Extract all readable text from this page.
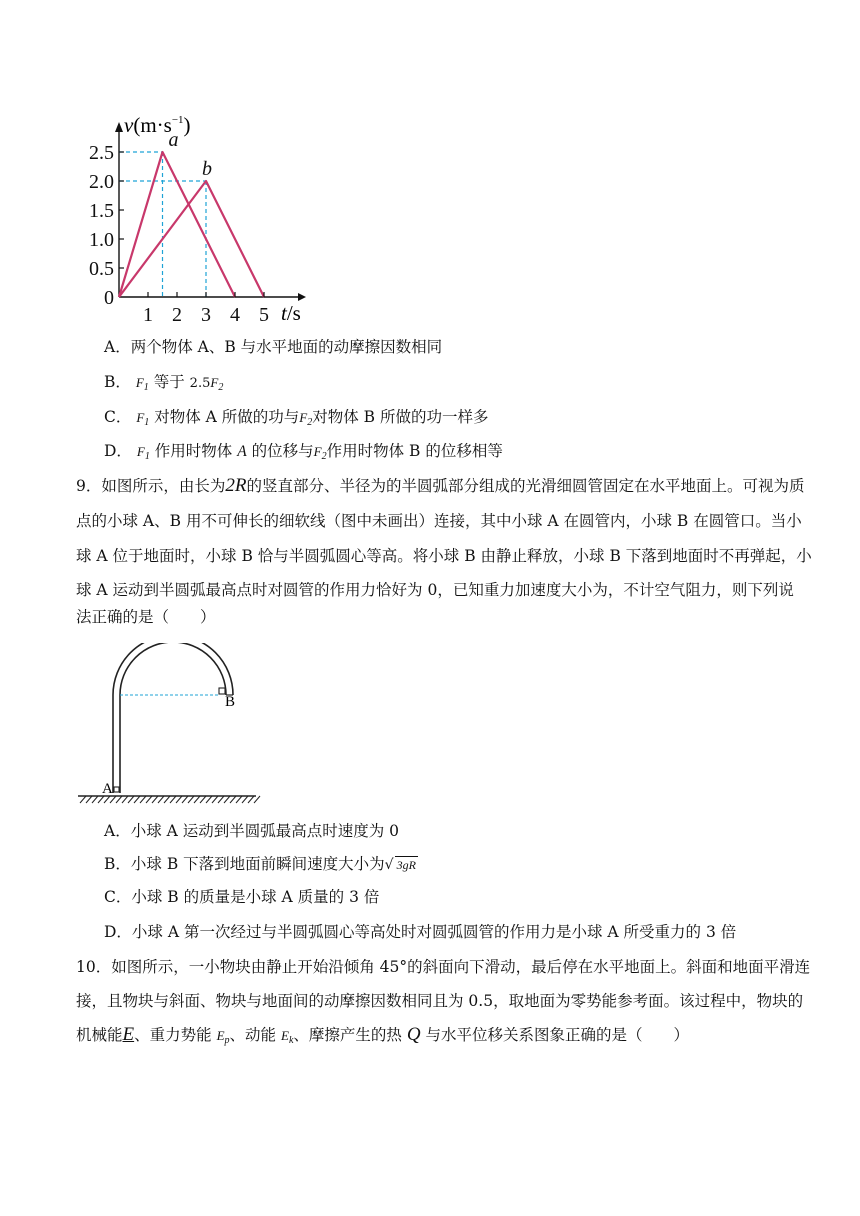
a
b
2.5
2.0
1.5
1.0
0.5
0
1 2 3 4 5
$v(m\cdot s^{-1})$
t/s
A．两个物体 A、B 与水平地面的动摩擦因数相同
B． $F_1$ 等于 $2.5F_2$
C． $F_1$ 对物体 A 所做的功与$F_2$对物体 B 所做的功一样多
D． $F_1$ 作用时物体 A 的位移与$F_2$作用时物体 B 的位移相等
9．如图所示，由长为2R的竖直部分、半径为的半圆弧部分组成的光滑细圆管固定在水平地面上。可视为质
点的小球 A、B 用不可伸长的细软线（图中未画出）连接，其中小球 A 在圆管内，小球 B 在圆管口。当小
球 A 位于地面时，小球 B 恰与半圆弧圆心等高。将小球 B 由静止释放，小球 B 下落到地面时不再弹起，小
球 A 运动到半圆弧最高点时对圆管的作用力恰好为 0，已知重力加速度大小为，不计空气阻力，则下列说
法正确的是（　　）
A
B
A．小球 A 运动到半圆弧最高点时速度为 0
B．小球 B 下落到地面前瞬间速度大小为√ 3gR
C．小球 B 的质量是小球 A 质量的 3 倍
D．小球 A 第一次经过与半圆弧圆心等高处时对圆弧圆管的作用力是小球 A 所受重力的 3 倍
10．如图所示，一小物块由静止开始沿倾角 45°的斜面向下滑动，最后停在水平地面上。斜面和地面平滑连
接，且物块与斜面、物块与地面间的动摩擦因数相同且为 0.5，取地面为零势能参考面。该过程中，物块的
机械能E、重力势能 $E_p$、动能 $E_k$、摩擦产生的热 Q 与水平位移关系图象正确的是（　　）
